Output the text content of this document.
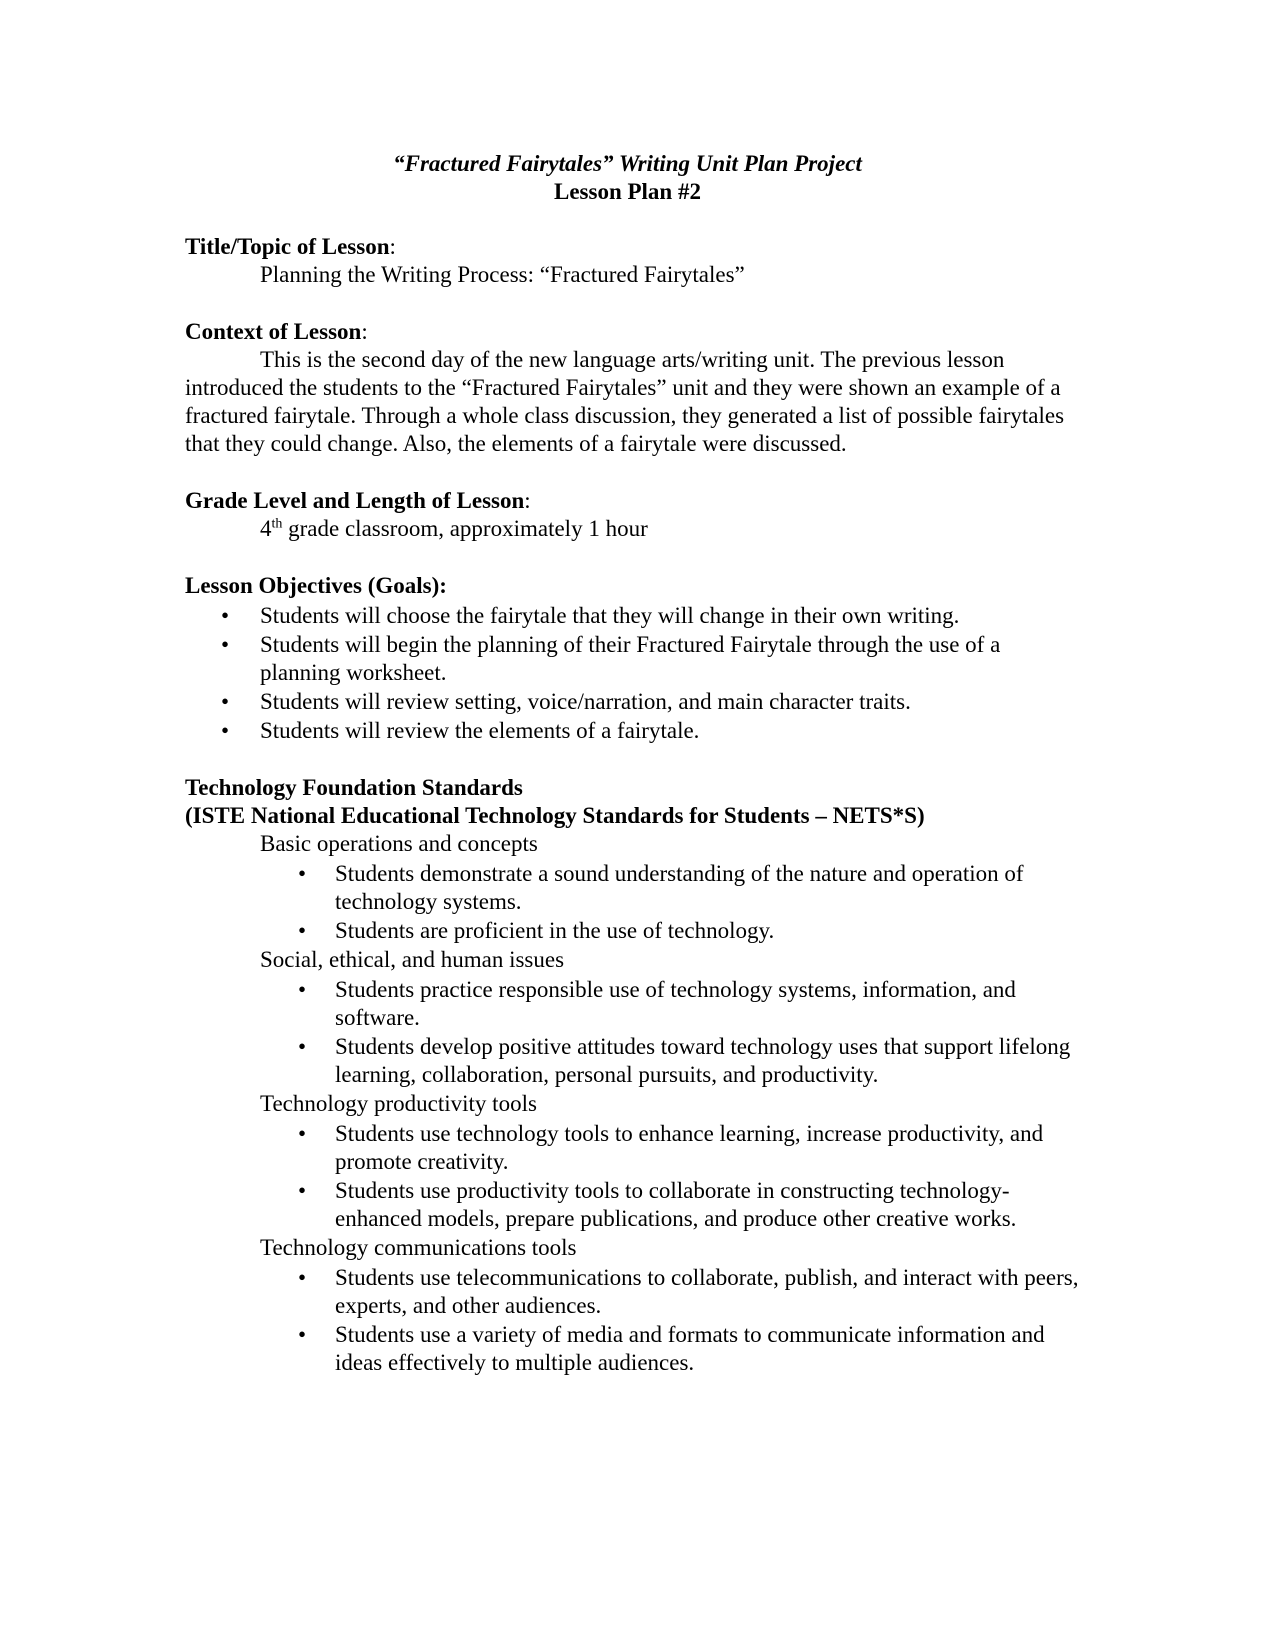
“Fractured Fairytales” Writing Unit Plan Project
Lesson Plan #2
Title/Topic of Lesson:
Planning the Writing Process: “Fractured Fairytales”
Context of Lesson:
This is the second day of the new language arts/writing unit. The previous lesson introduced the students to the “Fractured Fairytales” unit and they were shown an example of a fractured fairytale. Through a whole class discussion, they generated a list of possible fairytales that they could change. Also, the elements of a fairytale were discussed.
Grade Level and Length of Lesson:
4th grade classroom, approximately 1 hour
Lesson Objectives (Goals):
• Students will choose the fairytale that they will change in their own writing.
• Students will begin the planning of their Fractured Fairytale through the use of a planning worksheet.
• Students will review setting, voice/narration, and main character traits.
• Students will review the elements of a fairytale.
Technology Foundation Standards
(ISTE National Educational Technology Standards for Students – NETS*S)
Basic operations and concepts
• Students demonstrate a sound understanding of the nature and operation of technology systems.
• Students are proficient in the use of technology.
Social, ethical, and human issues
• Students practice responsible use of technology systems, information, and software.
• Students develop positive attitudes toward technology uses that support lifelong learning, collaboration, personal pursuits, and productivity.
Technology productivity tools
• Students use technology tools to enhance learning, increase productivity, and promote creativity.
• Students use productivity tools to collaborate in constructing technology-enhanced models, prepare publications, and produce other creative works.
Technology communications tools
• Students use telecommunications to collaborate, publish, and interact with peers, experts, and other audiences.
• Students use a variety of media and formats to communicate information and ideas effectively to multiple audiences.
